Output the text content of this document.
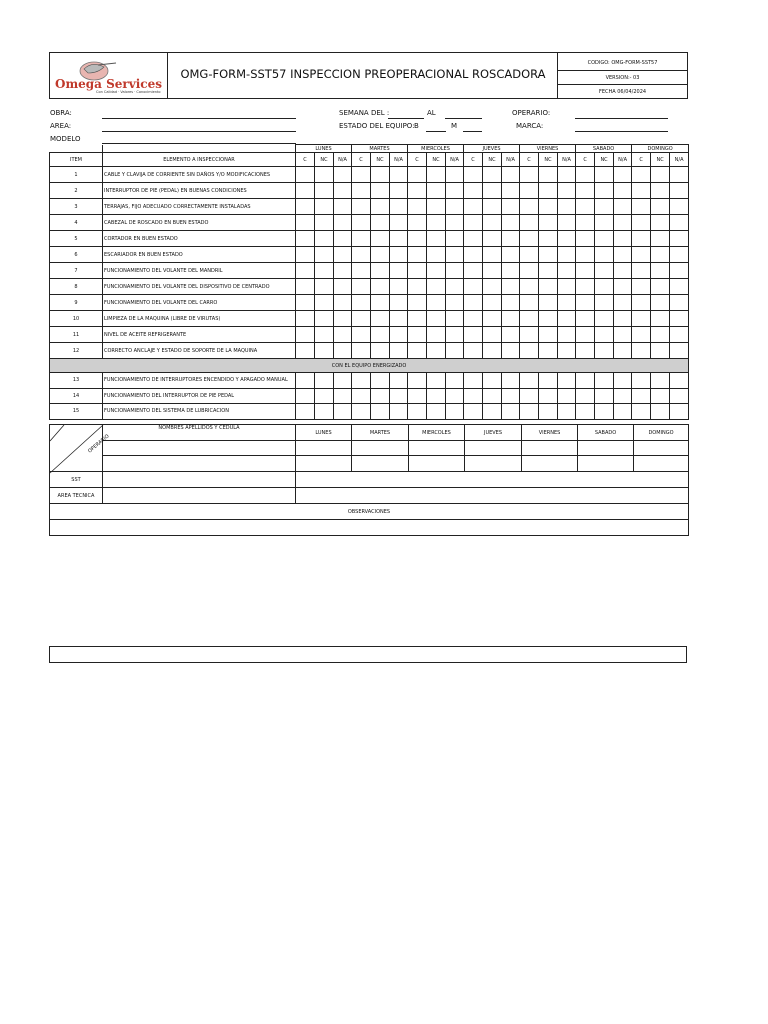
Omega Services
Con Calidad · Valores · Conocimiento
OMG-FORM-SST57 INSPECCION PREOPERACIONAL ROSCADORA
CODIGO: OMG-FORM-SST57
VERSION:- 03
FECHA 06/04/2024
OBRA:
AREA:
MODELO
SEMANA DEL :	AL
ESTADO DEL EQUIPO: B	M
OPERARIO:
MARCA:
		LUNES			MARTES			MIERCOLES			JUEVES			VIERNES			SABADO			DOMINGO		
ITEM	ELEMENTO A INSPECCIONAR	C	NC	N/A	C	NC	N/A	C	NC	N/A	C	NC	N/A	C	NC	N/A	C	NC	N/A	C	NC	N/A
1	CABLE Y CLAVIJA DE CORRIENTE SIN DAÑOS Y/O MODIFICACIONES																					
2	INTERRUPTOR DE PIE (PEDAL) EN BUENAS CONDICIONES																					
3	TERRAJAS, FIJO ADECUADO CORRECTAMENTE INSTALADAS																					
4	CABEZAL DE ROSCADO EN BUEN ESTADO																					
5	CORTADOR EN BUEN ESTADO																					
6	ESCARIADOR EN BUEN ESTADO																					
7	FUNCIONAMIENTO DEL VOLANTE DEL MANDRIL																					
8	FUNCIONAMIENTO DEL VOLANTE DEL DISPOSITIVO DE CENTRADO																					
9	FUNCIONAMIENTO DEL VOLANTE DEL CARRO																					
10	LIMPIEZA DE LA MAQUINA (LIBRE DE VIRUTAS)																					
11	NIVEL DE ACEITE REFRIGERANTE																					
12	CORRECTO ANCLAJE Y ESTADO DE SOPORTE DE LA MAQUINA																					
CON EL EQUIPO ENERGIZADO																						
13	FUNCIONAMIENTO DE INTERRUPTORES ENCENDIDO Y APAGADO MANUAL																					
14	FUNCIONAMIENTO DEL INTERRUPTOR DE PIE PEDAL																					
15	FUNCIONAMIENTO DEL SISTEMA DE LUBRICACION																					
OPERARIO	NOMBRES APELLIDOS Y CEDULA	LUNES	MARTES	MIERCOLES	JUEVES	VIERNES	SABADO	DOMINGO

SST								
AREA TECNICA								
OBSERVACIONES								
